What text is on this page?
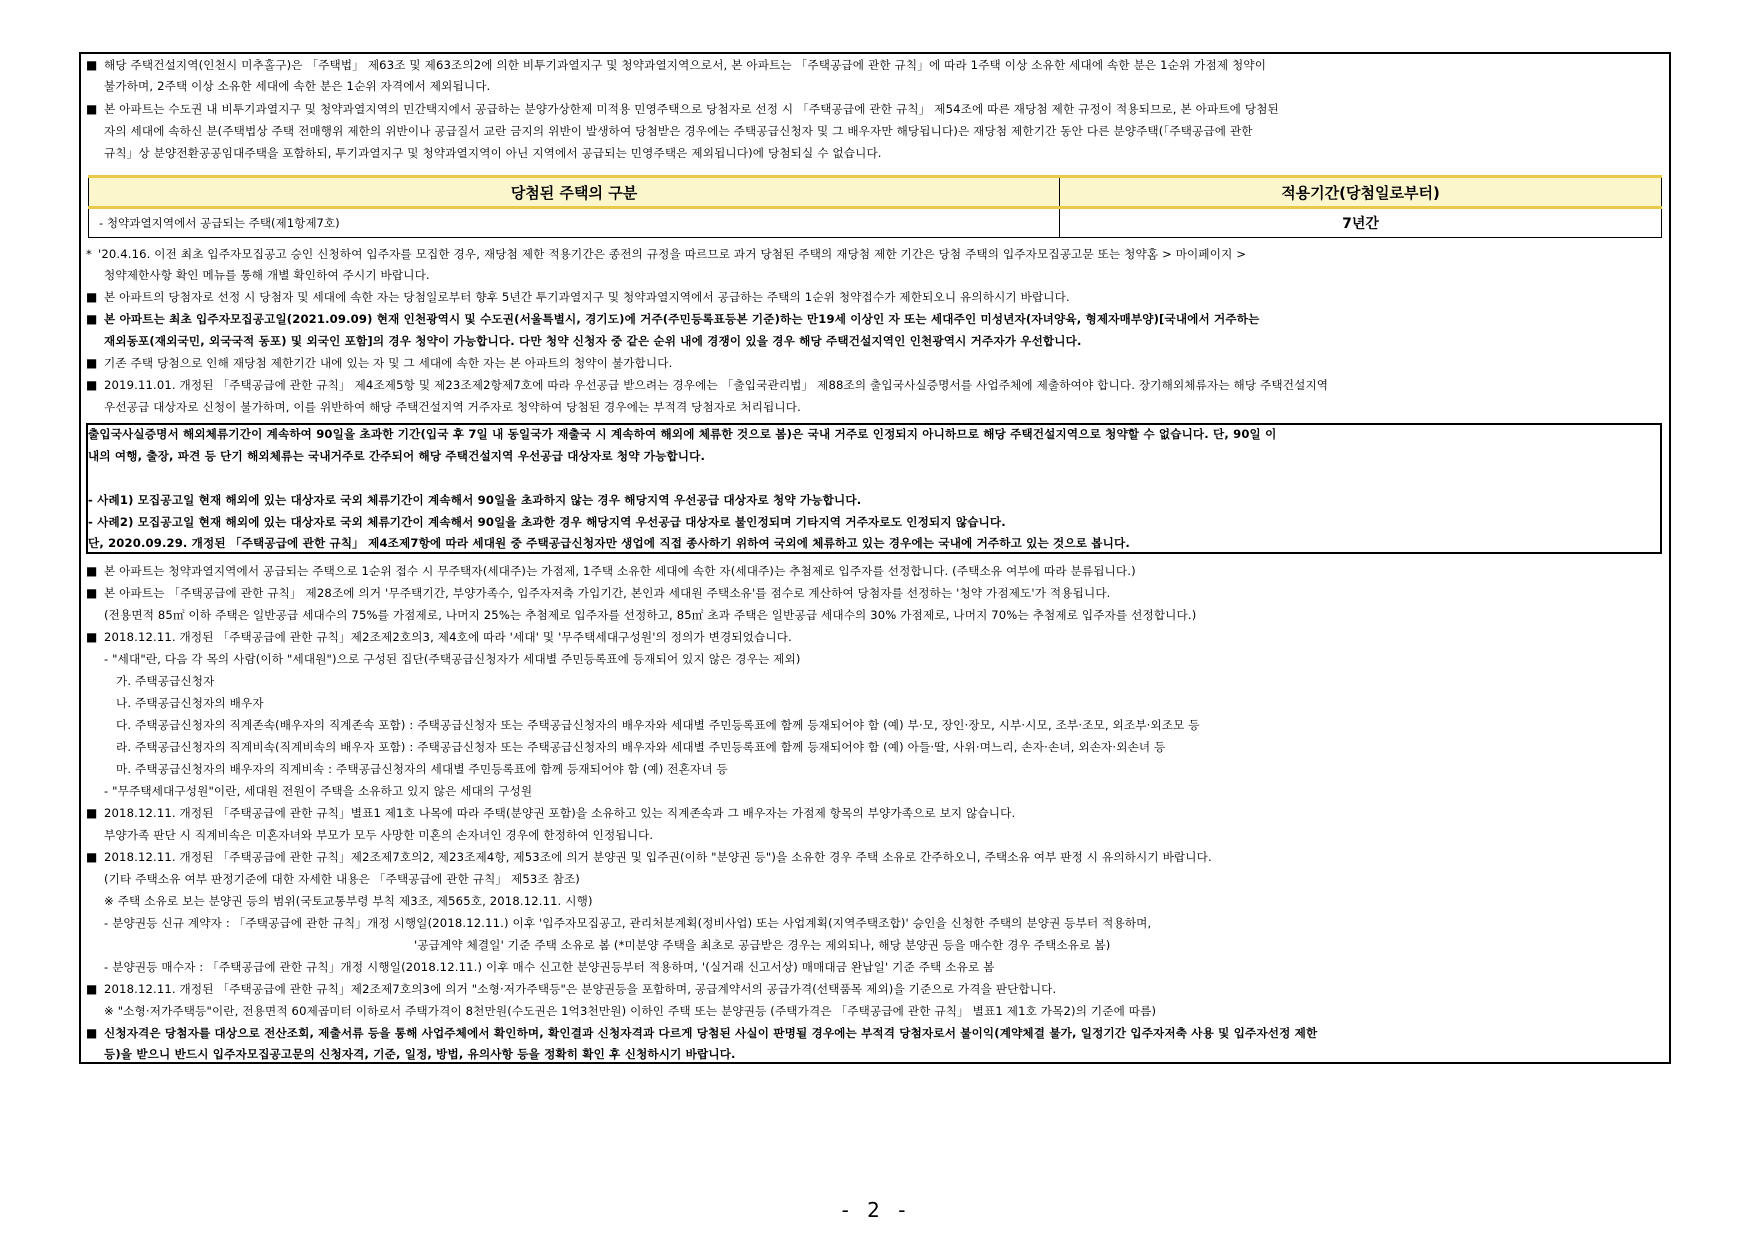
■ 해당 주택건설지역(인천시 미추홀구)은 「주택법」 제63조 및 제63조의2에 의한 비투기과열지구 및 청약과열지역으로서, 본 아파트는 「주택공급에 관한 규칙」에 따라 1주택 이상 소유한 세대에 속한 분은 1순위 가점제 청약이
불가하며, 2주택 이상 소유한 세대에 속한 분은 1순위 자격에서 제외됩니다.
■ 본 아파트는 수도권 내 비투기과열지구 및 청약과열지역의 민간택지에서 공급하는 분양가상한제 미적용 민영주택으로 당첨자로 선정 시 「주택공급에 관한 규칙」 제54조에 따른 재당첨 제한 규정이 적용되므로, 본 아파트에 당첨된
자의 세대에 속하신 분(주택법상 주택 전매행위 제한의 위반이나 공급질서 교란 금지의 위반이 발생하여 당첨받은 경우에는 주택공급신청자 및 그 배우자만 해당됩니다)은 재당첨 제한기간 동안 다른 분양주택(「주택공급에 관한
규칙」상 분양전환공공임대주택을 포함하되, 투기과열지구 및 청약과열지역이 아닌 지역에서 공급되는 민영주택은 제외됩니다)에 당첨되실 수 없습니다.
당첨된 주택의 구분	적용기간(당첨일로부터)
- 청약과열지역에서 공급되는 주택(제1항제7호)	7년간
* '20.4.16. 이전 최초 입주자모집공고 승인 신청하여 입주자를 모집한 경우, 재당첨 제한 적용기간은 종전의 규정을 따르므로 과거 당첨된 주택의 재당첨 제한 기간은 당첨 주택의 입주자모집공고문 또는 청약홈 > 마이페이지 >
청약제한사항 확인 메뉴를 통해 개별 확인하여 주시기 바랍니다.
■ 본 아파트의 당첨자로 선정 시 당첨자 및 세대에 속한 자는 당첨일로부터 향후 5년간 투기과열지구 및 청약과열지역에서 공급하는 주택의 1순위 청약접수가 제한되오니 유의하시기 바랍니다.
■ 본 아파트는 최초 입주자모집공고일(2021.09.09) 현재 인천광역시 및 수도권(서울특별시, 경기도)에 거주(주민등록표등본 기준)하는 만19세 이상인 자 또는 세대주인 미성년자(자녀양육, 형제자매부양)[국내에서 거주하는
재외동포(재외국민, 외국국적 동포) 및 외국인 포함]의 경우 청약이 가능합니다. 다만 청약 신청자 중 같은 순위 내에 경쟁이 있을 경우 해당 주택건설지역인 인천광역시 거주자가 우선합니다.
■ 기존 주택 당첨으로 인해 재당첨 제한기간 내에 있는 자 및 그 세대에 속한 자는 본 아파트의 청약이 불가합니다.
■ 2019.11.01. 개정된 「주택공급에 관한 규칙」 제4조제5항 및 제23조제2항제7호에 따라 우선공급 받으려는 경우에는 「출입국관리법」 제88조의 출입국사실증명서를 사업주체에 제출하여야 합니다. 장기해외체류자는 해당 주택건설지역
우선공급 대상자로 신청이 불가하며, 이를 위반하여 해당 주택건설지역 거주자로 청약하여 당첨된 경우에는 부적격 당첨자로 처리됩니다.
출입국사실증명서 해외체류기간이 계속하여 90일을 초과한 기간(입국 후 7일 내 동일국가 재출국 시 계속하여 해외에 체류한 것으로 봄)은 국내 거주로 인정되지 아니하므로 해당 주택건설지역으로 청약할 수 없습니다. 단, 90일 이
내의 여행, 출장, 파견 등 단기 해외체류는 국내거주로 간주되어 해당 주택건설지역 우선공급 대상자로 청약 가능합니다.
- 사례1) 모집공고일 현재 해외에 있는 대상자로 국외 체류기간이 계속해서 90일을 초과하지 않는 경우 해당지역 우선공급 대상자로 청약 가능합니다.
- 사례2) 모집공고일 현재 해외에 있는 대상자로 국외 체류기간이 계속해서 90일을 초과한 경우 해당지역 우선공급 대상자로 불인정되며 기타지역 거주자로도 인정되지 않습니다.
단, 2020.09.29. 개정된 「주택공급에 관한 규칙」 제4조제7항에 따라 세대원 중 주택공급신청자만 생업에 직접 종사하기 위하여 국외에 체류하고 있는 경우에는 국내에 거주하고 있는 것으로 봅니다.
■ 본 아파트는 청약과열지역에서 공급되는 주택으로 1순위 접수 시 무주택자(세대주)는 가점제, 1주택 소유한 세대에 속한 자(세대주)는 추첨제로 입주자를 선정합니다. (주택소유 여부에 따라 분류됩니다.)
■ 본 아파트는 「주택공급에 관한 규칙」 제28조에 의거 '무주택기간, 부양가족수, 입주자저축 가입기간, 본인과 세대원 주택소유'를 점수로 계산하여 당첨자를 선정하는 '청약 가점제도'가 적용됩니다.
(전용면적 85㎡ 이하 주택은 일반공급 세대수의 75%를 가점제로, 나머지 25%는 추첨제로 입주자를 선정하고, 85㎡ 초과 주택은 일반공급 세대수의 30% 가점제로, 나머지 70%는 추첨제로 입주자를 선정합니다.)
■ 2018.12.11. 개정된 「주택공급에 관한 규칙」제2조제2호의3, 제4호에 따라 '세대' 및 '무주택세대구성원'의 정의가 변경되었습니다.
- "세대"란, 다음 각 목의 사람(이하 "세대원")으로 구성된 집단(주택공급신청자가 세대별 주민등록표에 등재되어 있지 않은 경우는 제외)
가. 주택공급신청자
나. 주택공급신청자의 배우자
다. 주택공급신청자의 직계존속(배우자의 직계존속 포함) : 주택공급신청자 또는 주택공급신청자의 배우자와 세대별 주민등록표에 함께 등재되어야 함 (예) 부·모, 장인·장모, 시부·시모, 조부·조모, 외조부·외조모 등
라. 주택공급신청자의 직계비속(직계비속의 배우자 포함) : 주택공급신청자 또는 주택공급신청자의 배우자와 세대별 주민등록표에 함께 등재되어야 함 (예) 아들·딸, 사위·며느리, 손자·손녀, 외손자·외손녀 등
마. 주택공급신청자의 배우자의 직계비속 : 주택공급신청자의 세대별 주민등록표에 함께 등재되어야 함 (예) 전혼자녀 등
- "무주택세대구성원"이란, 세대원 전원이 주택을 소유하고 있지 않은 세대의 구성원
■ 2018.12.11. 개정된 「주택공급에 관한 규칙」별표1 제1호 나목에 따라 주택(분양권 포함)을 소유하고 있는 직계존속과 그 배우자는 가점제 항목의 부양가족으로 보지 않습니다.
부양가족 판단 시 직계비속은 미혼자녀와 부모가 모두 사망한 미혼의 손자녀인 경우에 한정하여 인정됩니다.
■ 2018.12.11. 개정된 「주택공급에 관한 규칙」제2조제7호의2, 제23조제4항, 제53조에 의거 분양권 및 입주권(이하 "분양권 등")을 소유한 경우 주택 소유로 간주하오니, 주택소유 여부 판정 시 유의하시기 바랍니다.
(기타 주택소유 여부 판정기준에 대한 자세한 내용은 「주택공급에 관한 규칙」 제53조 참조)
※ 주택 소유로 보는 분양권 등의 범위(국토교통부령 부칙 제3조, 제565호, 2018.12.11. 시행)
- 분양권등 신규 계약자 : 「주택공급에 관한 규칙」개정 시행일(2018.12.11.) 이후 '입주자모집공고, 관리처분계획(정비사업) 또는 사업계획(지역주택조합)' 승인을 신청한 주택의 분양권 등부터 적용하며,
'공급계약 체결일' 기준 주택 소유로 봄 (*미분양 주택을 최초로 공급받은 경우는 제외되나, 해당 분양권 등을 매수한 경우 주택소유로 봄)
- 분양권등 매수자 : 「주택공급에 관한 규칙」개정 시행일(2018.12.11.) 이후 매수 신고한 분양권등부터 적용하며, '(실거래 신고서상) 매매대금 완납일' 기준 주택 소유로 봄
■ 2018.12.11. 개정된 「주택공급에 관한 규칙」제2조제7호의3에 의거 "소형·저가주택등"은 분양권등을 포함하며, 공급계약서의 공급가격(선택품목 제외)을 기준으로 가격을 판단합니다.
※ "소형·저가주택등"이란, 전용면적 60제곱미터 이하로서 주택가격이 8천만원(수도권은 1억3천만원) 이하인 주택 또는 분양권등 (주택가격은 「주택공급에 관한 규칙」 별표1 제1호 가목2)의 기준에 따름)
■ 신청자격은 당첨자를 대상으로 전산조회, 제출서류 등을 통해 사업주체에서 확인하며, 확인결과 신청자격과 다르게 당첨된 사실이 판명될 경우에는 부적격 당첨자로서 불이익(계약체결 불가, 일정기간 입주자저축 사용 및 입주자선정 제한
등)을 받으니 반드시 입주자모집공고문의 신청자격, 기준, 일정, 방법, 유의사항 등을 정확히 확인 후 신청하시기 바랍니다.
- 2 -
